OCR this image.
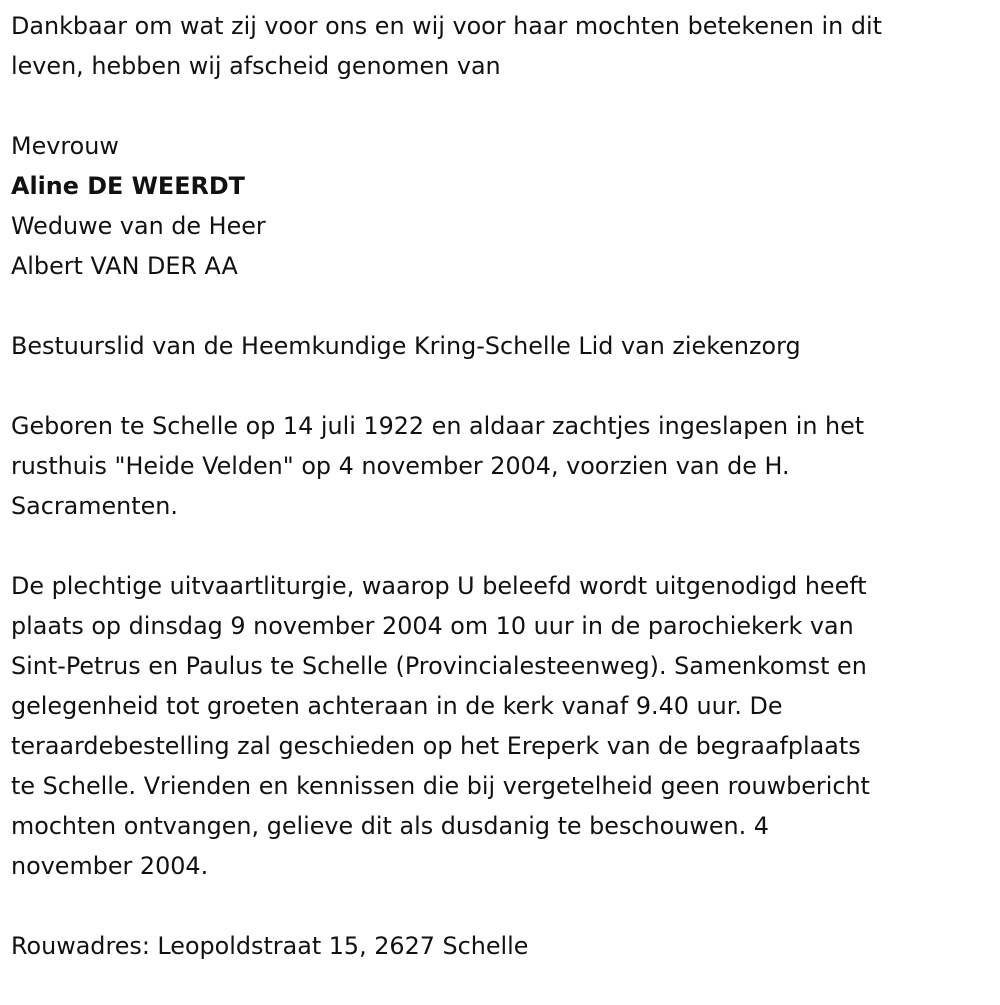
Dankbaar om wat zij voor ons en wij voor haar mochten betekenen in dit

leven, hebben wij afscheid genomen van

Mevrouw

Aline DE WEERDT

Weduwe van de Heer

Albert VAN DER AA

Bestuurslid van de Heemkundige Kring-Schelle Lid van ziekenzorg

Geboren te Schelle op 14 juli 1922 en aldaar zachtjes ingeslapen in het

rusthuis "Heide Velden" op 4 november 2004, voorzien van de H.

Sacramenten.

De plechtige uitvaartliturgie, waarop U beleefd wordt uitgenodigd heeft

plaats op dinsdag 9 november 2004 om 10 uur in de parochiekerk van

Sint-Petrus en Paulus te Schelle (Provincialesteenweg). Samenkomst en

gelegenheid tot groeten achteraan in de kerk vanaf 9.40 uur. De

teraardebestelling zal geschieden op het Ereperk van de begraafplaats

te Schelle. Vrienden en kennissen die bij vergetelheid geen rouwbericht

mochten ontvangen, gelieve dit als dusdanig te beschouwen. 4

november 2004.

Rouwadres: Leopoldstraat 15, 2627 Schelle
